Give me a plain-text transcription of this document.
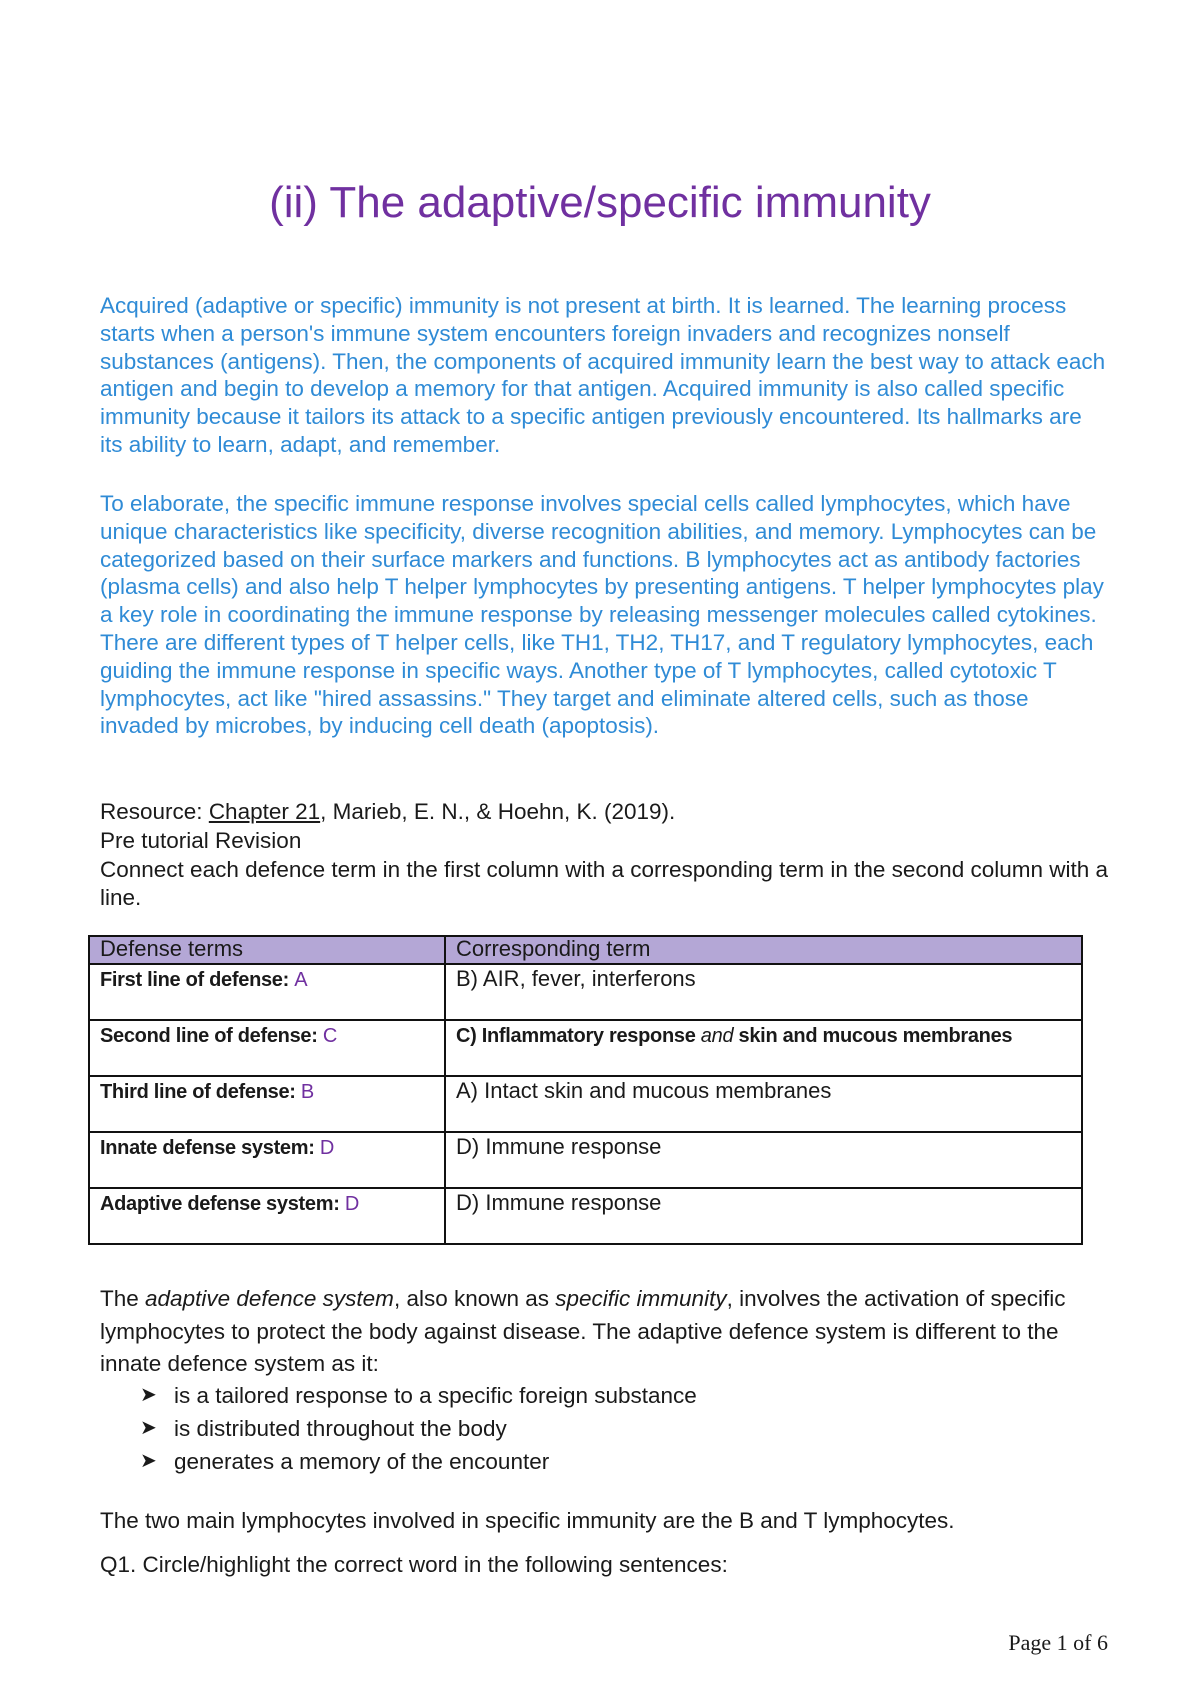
(ii) The adaptive/specific immunity

Acquired (adaptive or specific) immunity is not present at birth. It is learned. The learning process starts when a person's immune system encounters foreign invaders and recognizes nonself substances (antigens). Then, the components of acquired immunity learn the best way to attack each antigen and begin to develop a memory for that antigen. Acquired immunity is also called specific immunity because it tailors its attack to a specific antigen previously encountered. Its hallmarks are its ability to learn, adapt, and remember.

To elaborate, the specific immune response involves special cells called lymphocytes, which have unique characteristics like specificity, diverse recognition abilities, and memory. Lymphocytes can be categorized based on their surface markers and functions. B lymphocytes act as antibody factories (plasma cells) and also help T helper lymphocytes by presenting antigens. T helper lymphocytes play a key role in coordinating the immune response by releasing messenger molecules called cytokines. There are different types of T helper cells, like TH1, TH2, TH17, and T regulatory lymphocytes, each guiding the immune response in specific ways. Another type of T lymphocytes, called cytotoxic T lymphocytes, act like "hired assassins." They target and eliminate altered cells, such as those invaded by microbes, by inducing cell death (apoptosis).

Resource: Chapter 21, Marieb, E. N., & Hoehn, K. (2019).

Pre tutorial Revision

Connect each defence term in the first column with a corresponding term in the second column with a line.

Defense terms	Corresponding term
First line of defense: A	B) AIR, fever, interferons
Second line of defense: C	C) Inflammatory response and skin and mucous membranes
Third line of defense: B	A) Intact skin and mucous membranes
Innate defense system: D	D) Immune response
Adaptive defense system: D	D) Immune response

The adaptive defence system, also known as specific immunity, involves the activation of specific lymphocytes to protect the body against disease. The adaptive defence system is different to the innate defence system as it:

➤ is a tailored response to a specific foreign substance
➤ is distributed throughout the body
➤ generates a memory of the encounter

The two main lymphocytes involved in specific immunity are the B and T lymphocytes.

Q1. Circle/highlight the correct word in the following sentences:

Page 1 of 6
